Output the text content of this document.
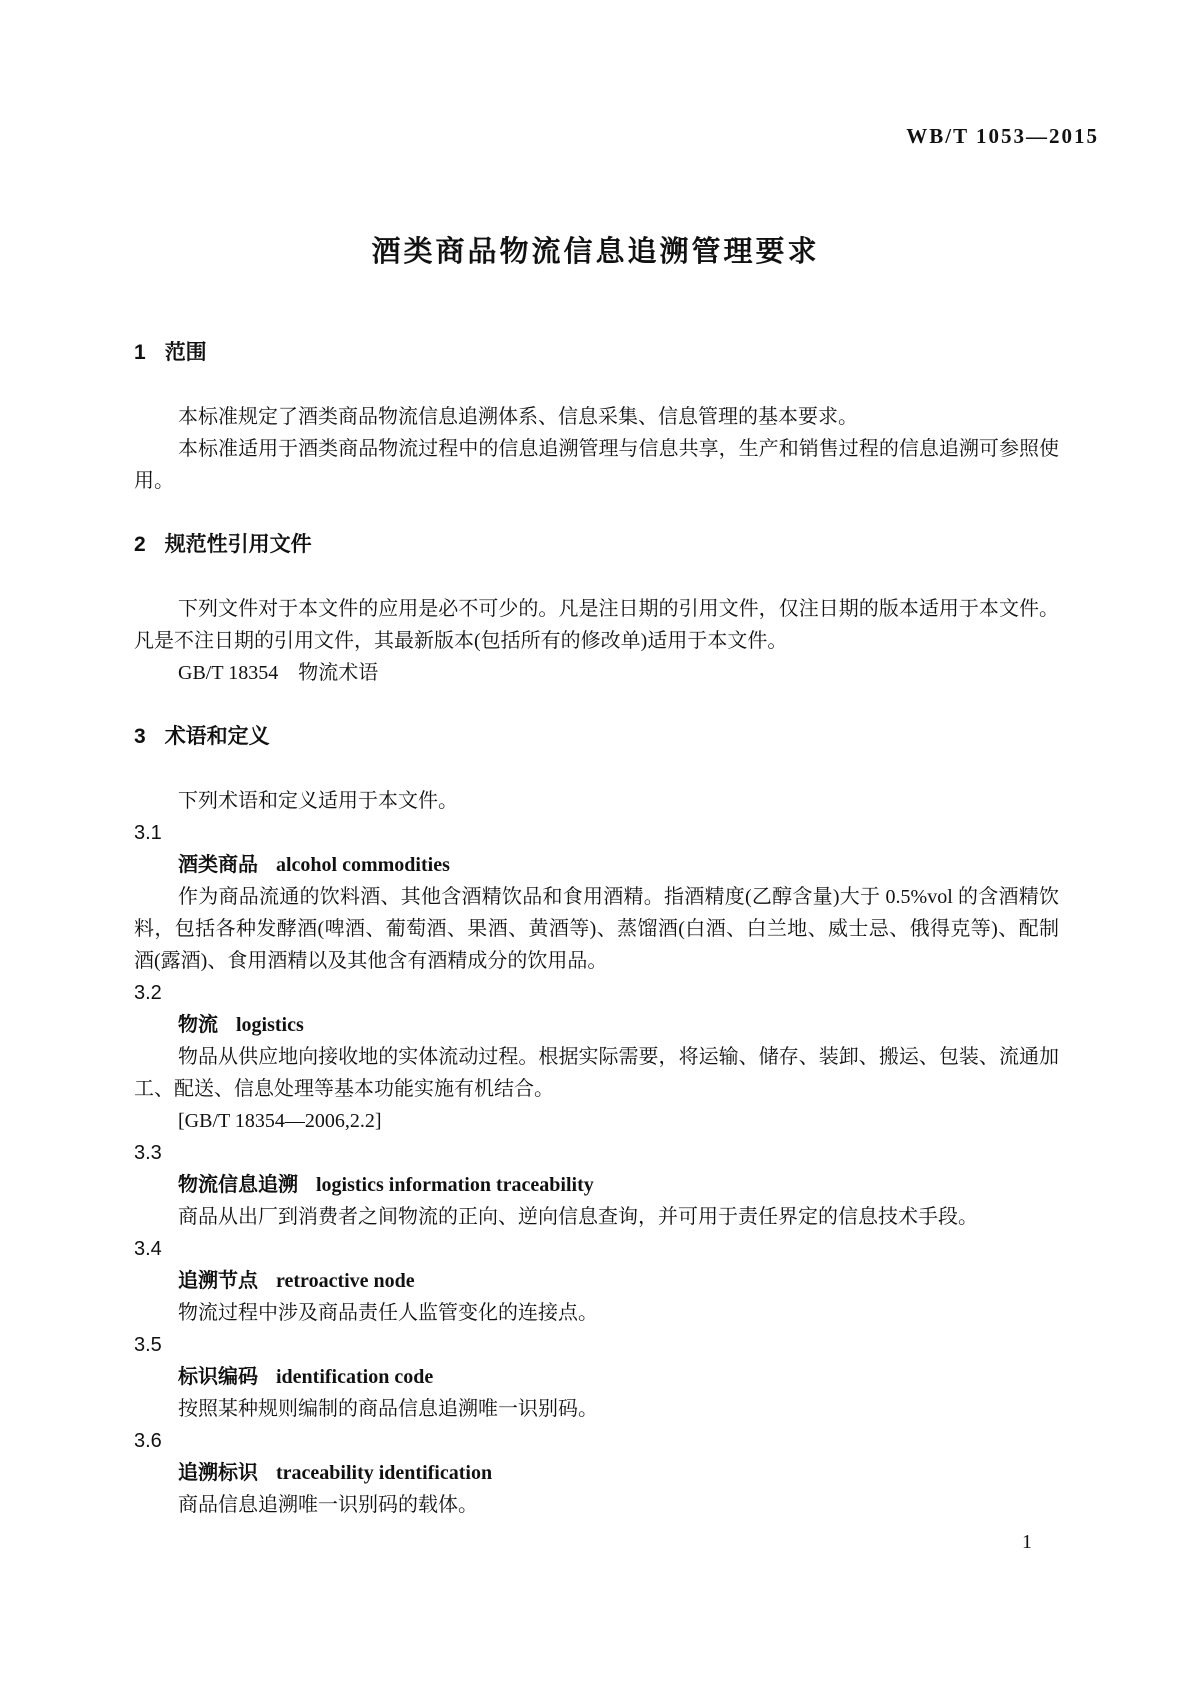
WB/T 1053—2015
酒类商品物流信息追溯管理要求
1 范围

本标准规定了酒类商品物流信息追溯体系、信息采集、信息管理的基本要求。

本标准适用于酒类商品物流过程中的信息追溯管理与信息共享，生产和销售过程的信息追溯可参照使用。

2 规范性引用文件

下列文件对于本文件的应用是必不可少的。凡是注日期的引用文件，仅注日期的版本适用于本文件。凡是不注日期的引用文件，其最新版本(包括所有的修改单)适用于本文件。

GB/T 18354　物流术语

3 术语和定义

下列术语和定义适用于本文件。

3.1
酒类商品 alcohol commodities

作为商品流通的饮料酒、其他含酒精饮品和食用酒精。指酒精度(乙醇含量)大于 0.5%vol 的含酒精饮料，包括各种发酵酒(啤酒、葡萄酒、果酒、黄酒等)、蒸馏酒(白酒、白兰地、威士忌、俄得克等)、配制酒(露酒)、食用酒精以及其他含有酒精成分的饮用品。

3.2
物流 logistics

物品从供应地向接收地的实体流动过程。根据实际需要，将运输、储存、装卸、搬运、包装、流通加工、配送、信息处理等基本功能实施有机结合。

[GB/T 18354—2006,2.2]

3.3
物流信息追溯 logistics information traceability

商品从出厂到消费者之间物流的正向、逆向信息查询，并可用于责任界定的信息技术手段。

3.4
追溯节点 retroactive node

物流过程中涉及商品责任人监管变化的连接点。

3.5
标识编码 identification code

按照某种规则编制的商品信息追溯唯一识别码。

3.6
追溯标识 traceability identification

商品信息追溯唯一识别码的载体。

1
